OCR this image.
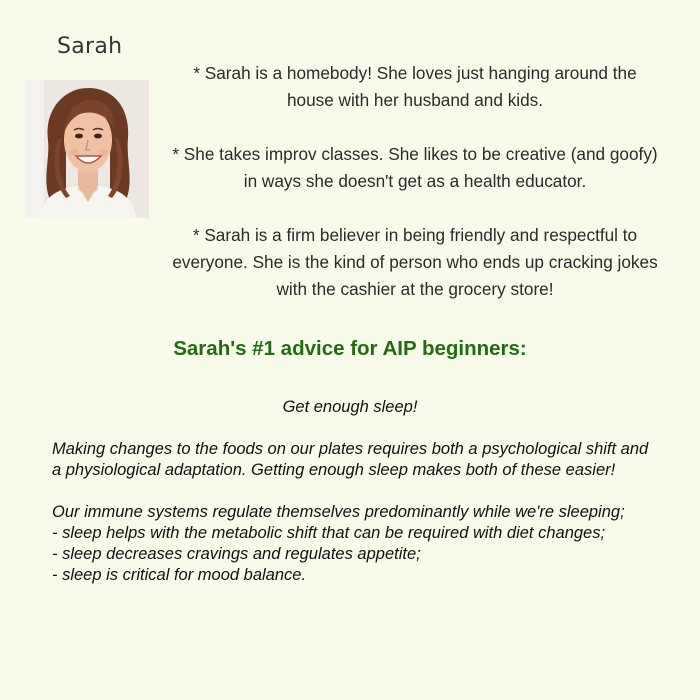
Sarah

* Sarah is a homebody! She loves just hanging around the house with her husband and kids.

* She takes improv classes. She likes to be creative (and goofy) in ways she doesn't get as a health educator.

* Sarah is a firm believer in being friendly and respectful to everyone. She is the kind of person who ends up cracking jokes with the cashier at the grocery store!

Sarah's #1 advice for AIP beginners:
Get enough sleep!

Making changes to the foods on our plates requires both a psychological shift and a physiological adaptation. Getting enough sleep makes both of these easier!

Our immune systems regulate themselves predominantly while we're sleeping;
- sleep helps with the metabolic shift that can be required with diet changes;
- sleep decreases cravings and regulates appetite;
- sleep is critical for mood balance.
